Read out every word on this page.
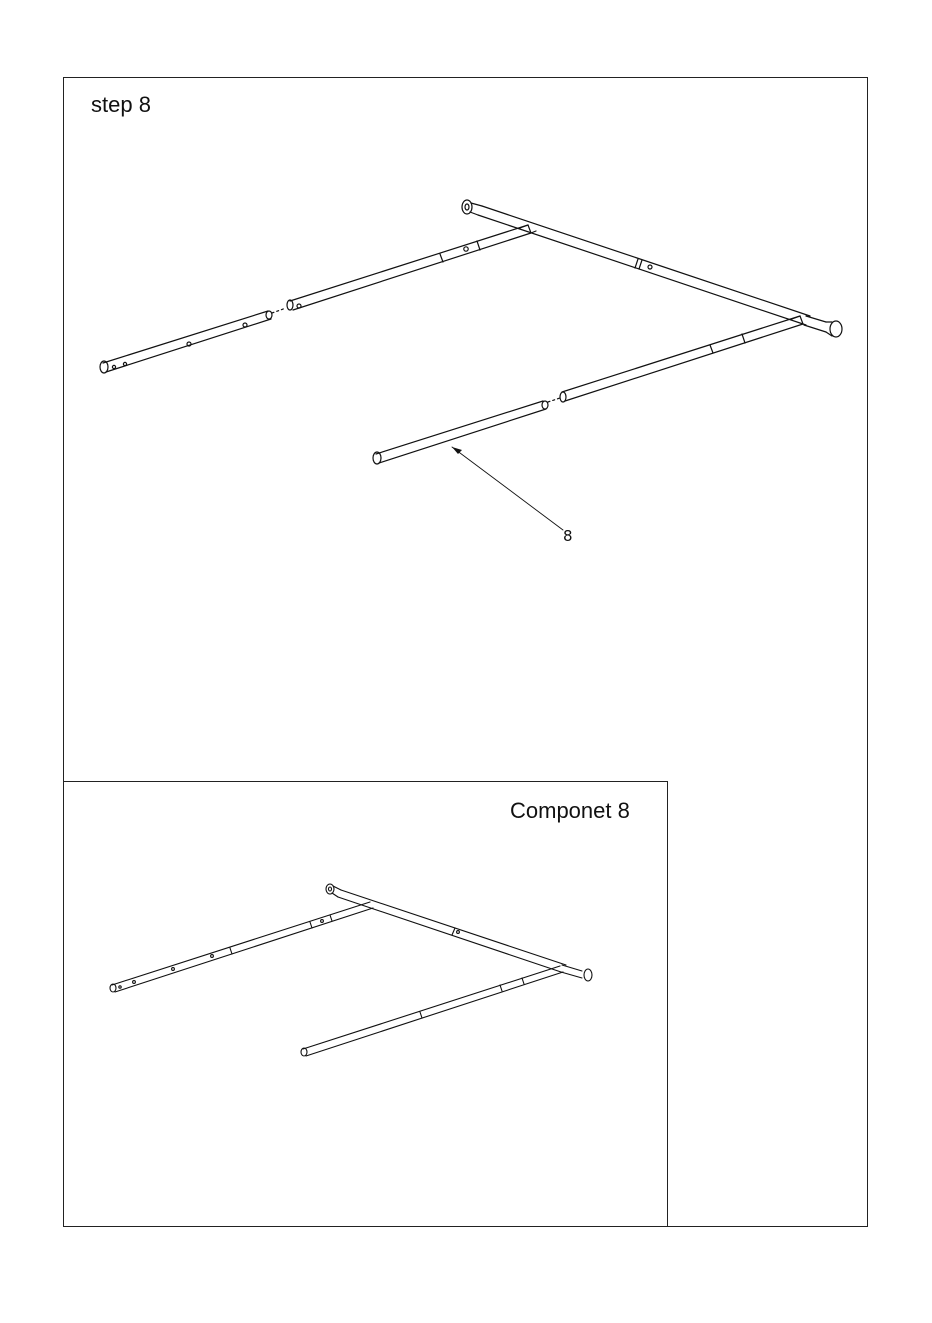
step 8
Componet 8
8
